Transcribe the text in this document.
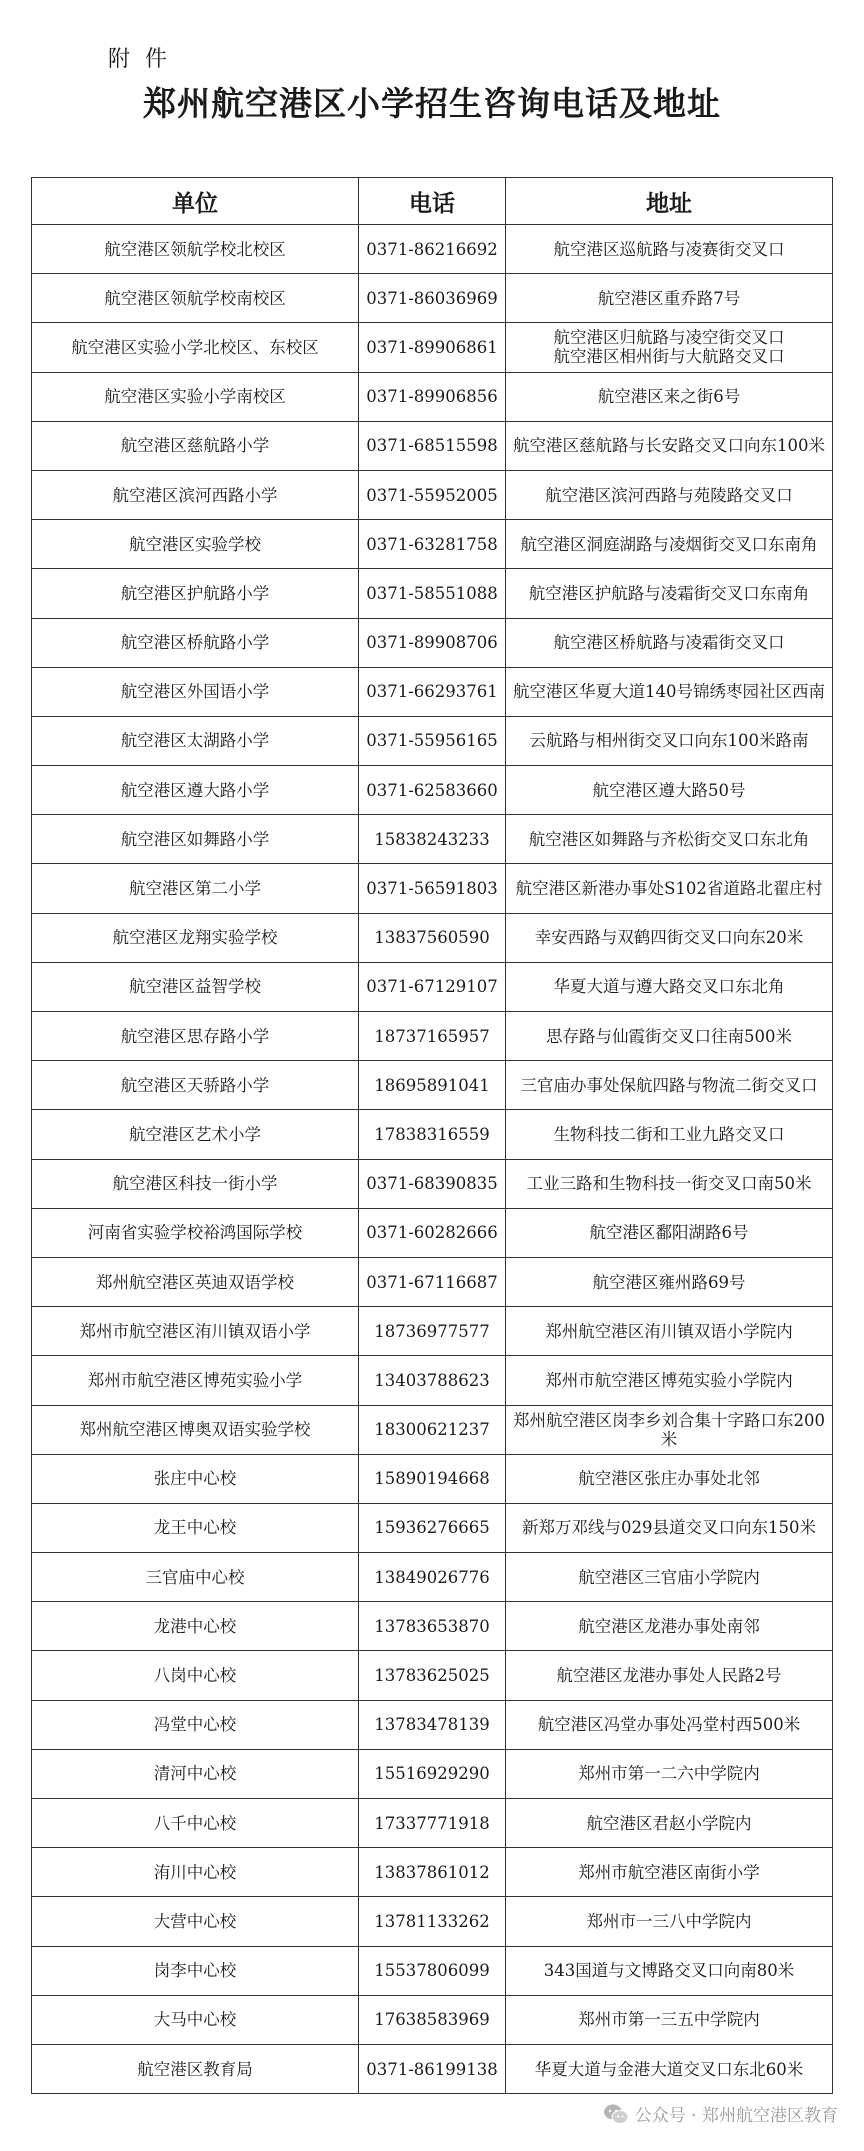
附 件
郑州航空港区小学招生咨询电话及地址
单位	电话	地址
航空港区领航学校北校区	0371-86216692	航空港区巡航路与凌赛街交叉口
航空港区领航学校南校区	0371-86036969	航空港区重乔路7号
航空港区实验小学北校区、东校区	0371-89906861	航空港区归航路与凌空街交叉口
航空港区相州街与大航路交叉口
航空港区实验小学南校区	0371-89906856	航空港区来之街6号
航空港区慈航路小学	0371-68515598	航空港区慈航路与长安路交叉口向东100米
航空港区滨河西路小学	0371-55952005	航空港区滨河西路与苑陵路交叉口
航空港区实验学校	0371-63281758	航空港区洞庭湖路与凌烟街交叉口东南角
航空港区护航路小学	0371-58551088	航空港区护航路与凌霜街交叉口东南角
航空港区桥航路小学	0371-89908706	航空港区桥航路与凌霜街交叉口
航空港区外国语小学	0371-66293761	航空港区华夏大道140号锦绣枣园社区西南
航空港区太湖路小学	0371-55956165	云航路与相州街交叉口向东100米路南
航空港区遵大路小学	0371-62583660	航空港区遵大路50号
航空港区如舞路小学	15838243233	航空港区如舞路与齐松街交叉口东北角
航空港区第二小学	0371-56591803	航空港区新港办事处S102省道路北翟庄村
航空港区龙翔实验学校	13837560590	幸安西路与双鹤四街交叉口向东20米
航空港区益智学校	0371-67129107	华夏大道与遵大路交叉口东北角
航空港区思存路小学	18737165957	思存路与仙霞街交叉口往南500米
航空港区天骄路小学	18695891041	三官庙办事处保航四路与物流二街交叉口
航空港区艺术小学	17838316559	生物科技二街和工业九路交叉口
航空港区科技一街小学	0371-68390835	工业三路和生物科技一街交叉口南50米
河南省实验学校裕鸿国际学校	0371-60282666	航空港区鄱阳湖路6号
郑州航空港区英迪双语学校	0371-67116687	航空港区雍州路69号
郑州市航空港区洧川镇双语小学	18736977577	郑州航空港区洧川镇双语小学院内
郑州市航空港区博苑实验小学	13403788623	郑州市航空港区博苑实验小学院内
郑州航空港区博奥双语实验学校	18300621237	郑州航空港区岗李乡刘合集十字路口东200米
张庄中心校	15890194668	航空港区张庄办事处北邻
龙王中心校	15936276665	新郑万邓线与029县道交叉口向东150米
三官庙中心校	13849026776	航空港区三官庙小学院内
龙港中心校	13783653870	航空港区龙港办事处南邻
八岗中心校	13783625025	航空港区龙港办事处人民路2号
冯堂中心校	13783478139	航空港区冯堂办事处冯堂村西500米
清河中心校	15516929290	郑州市第一二六中学院内
八千中心校	17337771918	航空港区君赵小学院内
洧川中心校	13837861012	郑州市航空港区南街小学
大营中心校	13781133262	郑州市一三八中学院内
岗李中心校	15537806099	343国道与文博路交叉口向南80米
大马中心校	17638583969	郑州市第一三五中学院内
航空港区教育局	0371-86199138	华夏大道与金港大道交叉口东北60米
公众号 · 郑州航空港区教育
